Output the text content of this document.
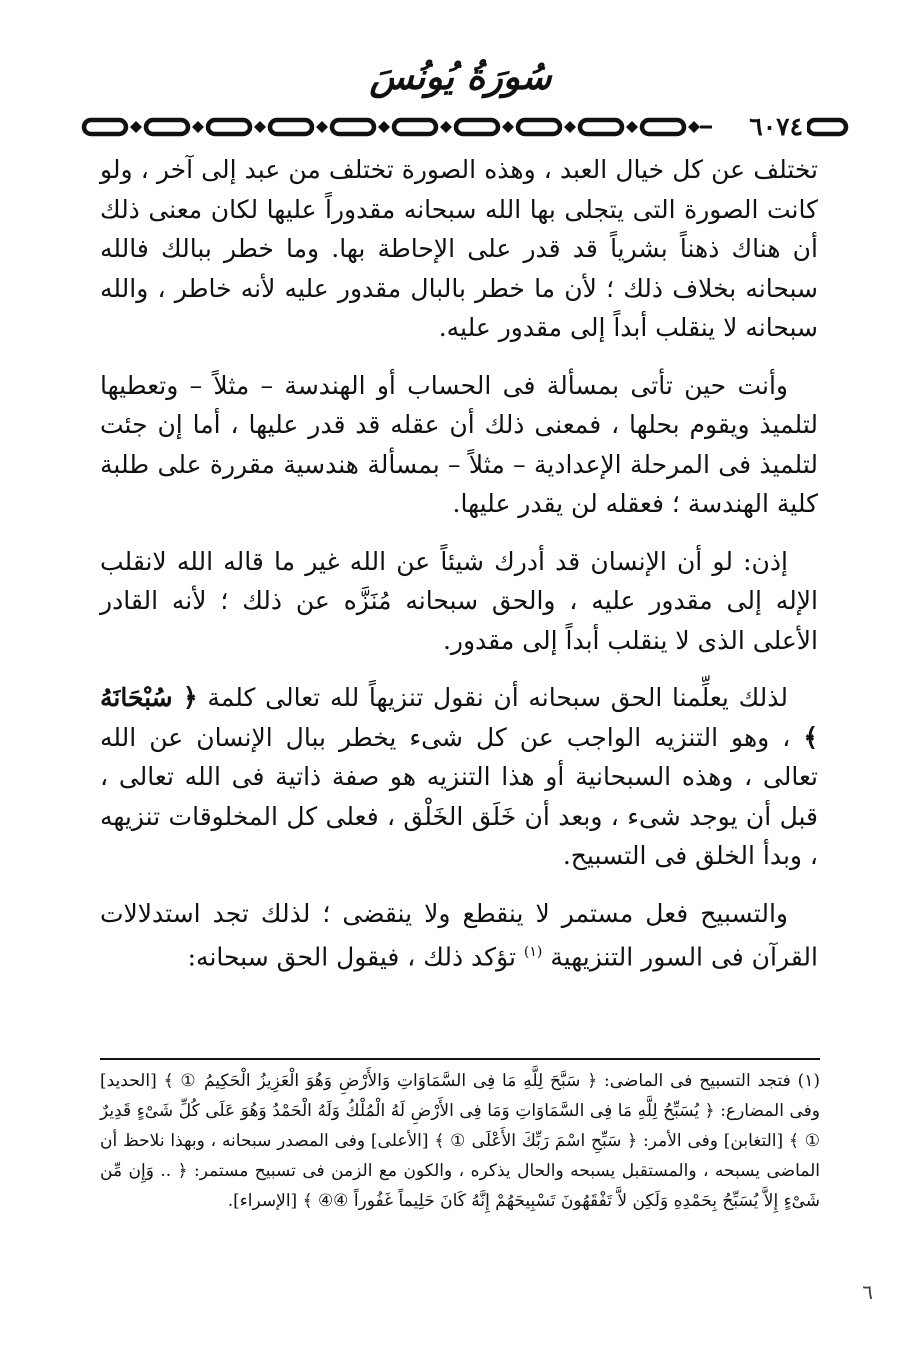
سُورَةُ يُونُسَ
٦٠٧٤

تختلف عن كل خيال العبد ، وهذه الصورة تختلف من عبد إلى آخر ، ولو كانت الصورة التى يتجلى بها الله سبحانه مقدوراً عليها لكان معنى ذلك أن هناك ذهناً بشرياً قد قدر على الإحاطة بها. وما خطر ببالك فالله سبحانه بخلاف ذلك ؛ لأن ما خطر بالبال مقدور عليه لأنه خاطر ، والله سبحانه لا ينقلب أبداً إلى مقدور عليه.

وأنت حين تأتى بمسألة فى الحساب أو الهندسة – مثلاً – وتعطيها لتلميذ ويقوم بحلها ، فمعنى ذلك أن عقله قد قدر عليها ، أما إن جئت لتلميذ فى المرحلة الإعدادية – مثلاً – بمسألة هندسية مقررة على طلبة كلية الهندسة ؛ فعقله لن يقدر عليها.

إذن: لو أن الإنسان قد أدرك شيئاً عن الله غير ما قاله الله لانقلب الإله إلى مقدور عليه ، والحق سبحانه مُنَزَّه عن ذلك ؛ لأنه القادر الأعلى الذى لا ينقلب أبداً إلى مقدور.

لذلك يعلِّمنا الحق سبحانه أن نقول تنزيهاً لله تعالى كلمة ﴿ سُبْحَانَهُ ﴾ ، وهو التنزيه الواجب عن كل شىء يخطر ببال الإنسان عن الله تعالى ، وهذه السبحانية أو هذا التنزيه هو صفة ذاتية فى الله تعالى ، قبل أن يوجد شىء ، وبعد أن خَلَق الخَلْق ، فعلى كل المخلوقات تنزيهه ، وبدأ الخلق فى التسبيح.

والتسبيح فعل مستمر لا ينقطع ولا ينقضى ؛ لذلك تجد استدلالات القرآن فى السور التنزيهية $^{(١)}$ تؤكد ذلك ، فيقول الحق سبحانه:

(١) فتجد التسبيح فى الماضى: ﴿ سَبَّحَ لِلَّهِ مَا فِى السَّمَاوَاتِ وَالأَرْضِ وَهُوَ الْعَزِيزُ الْحَكِيمُ ① ﴾ [الحديد] وفى المضارع: ﴿ يُسَبِّحُ لِلَّهِ مَا فِى السَّمَاوَاتِ وَمَا فِى الأَرْضِ لَهُ الْمُلْكُ وَلَهُ الْحَمْدُ وَهُوَ عَلَى كُلِّ شَىْءٍ قَدِيرٌ ① ﴾ [التغابن] وفى الأمر: ﴿ سَبِّحِ اسْمَ رَبِّكَ الأَعْلَى ① ﴾ [الأعلى] وفى المصدر سبحانه ، وبهذا نلاحظ أن الماضى يسبحه ، والمستقبل يسبحه والحال يذكره ، والكون مع الزمن فى تسبيح مستمر: ﴿ .. وَإِن مِّن شَىْءٍ إِلاَّ يُسَبِّحُ بِحَمْدِهِ وَلَكِن لاَّ تَفْقَهُونَ تَسْبِيحَهُمْ إِنَّهُ كَانَ حَلِيماً غَفُوراً ④④ ﴾ [الإسراء].

٦
